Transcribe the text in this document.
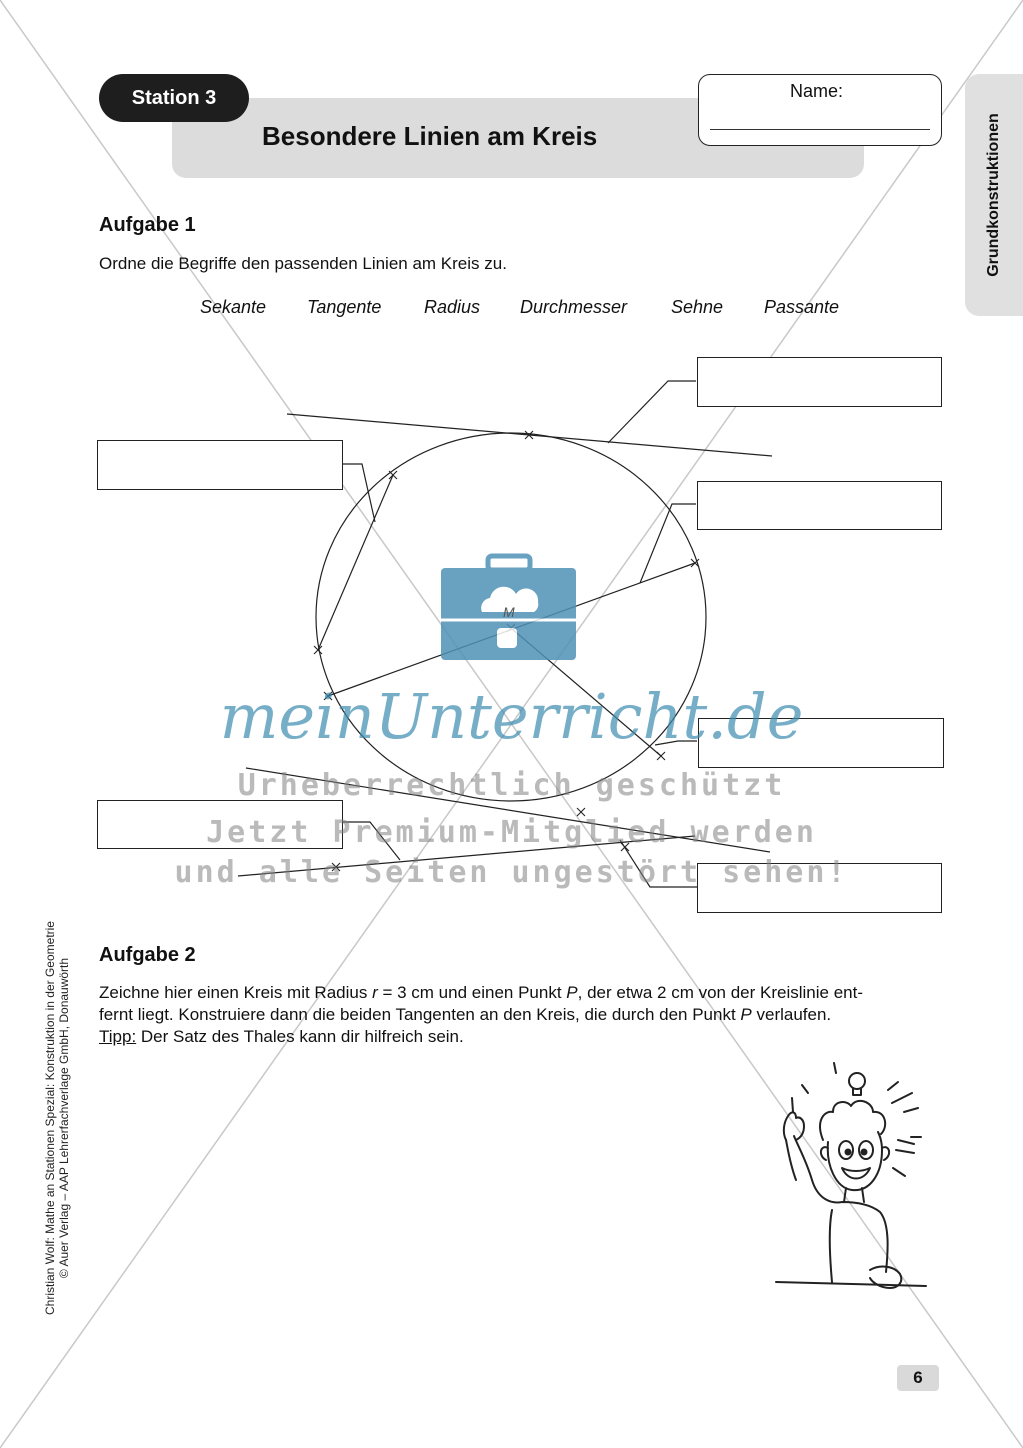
Station 3
Besondere Linien am Kreis
Name:
Grundkonstruktionen
Aufgabe 1
Ordne die Begriffe den passenden Linien am Kreis zu.
Sekante Tangente Radius Durchmesser Sehne Passante
M
meinUnterricht.de
Urheberrechtlich geschützt
Jetzt Premium-Mitglied werden
und alle Seiten ungestört sehen!
Aufgabe 2
Zeichne hier einen Kreis mit Radius r = 3 cm und einen Punkt P, der etwa 2 cm von der Kreislinie ent-
fernt liegt. Konstruiere dann die beiden Tangenten an den Kreis, die durch den Punkt P verlaufen.
Tipp: Der Satz des Thales kann dir hilfreich sein.
Christian Wolf: Mathe an Stationen Spezial: Konstruktion in der Geometrie © Auer Verlag – AAP Lehrerfachverlage GmbH, Donauwörth
6
